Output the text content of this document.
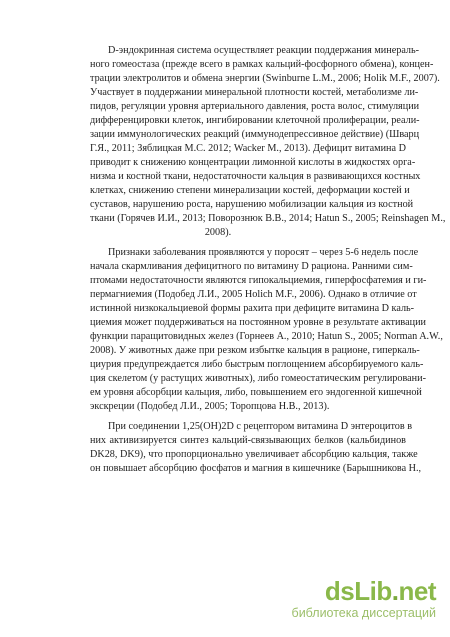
D-эндокринная система осуществляет реакции поддержания минераль-
ного гомеостаза (прежде всего в рамках кальций-фосфорного обмена), концен-
трации электролитов и обмена энергии (Swinburne L.M., 2006; Holik M.F., 2007).
Участвует в поддержании минеральной плотности костей, метаболизме ли-
пидов, регуляции уровня артериального давления, роста волос, стимуляции
дифференцировки клеток, ингибировании клеточной пролиферации, реали-
зации иммунологических реакций (иммунодепрессивное действие) (Шварц
Г.Я., 2011; Зяблицкая М.С. 2012; Wacker M., 2013). Дефицит витамина D
приводит к снижению концентрации лимонной кислоты в жидкостях орга-
низма и костной ткани, недостаточности кальция в развивающихся костных
клетках, снижению степени минерализации костей, деформации костей и
суставов, нарушению роста, нарушению мобилизации кальция из костной
ткани (Горячев И.И., 2013; Поворознюк В.В., 2014; Hatun S., 2005; Reinshagen M.,
2008).
Признаки заболевания проявляются у поросят – через 5-6 недель после
начала скармливания дефицитного по витамину D рациона. Ранними сим-
птомами недостаточности являются гипокальциемия, гиперфосфатемия и ги-
пермагниемия (Подобед Л.И., 2005 Holich M.F., 2006). Однако в отличие от
истинной низкокальциевой формы рахита при дефиците витамина D каль-
циемия может поддерживаться на постоянном уровне в результате активации
функции паращитовидных желез (Горнеев А., 2010; Hatun S., 2005; Norman A.W.,
2008). У животных даже при резком избытке кальция в рационе, гиперкаль-
циурия предупреждается либо быстрым поглощением абсорбируемого каль-
ция скелетом (у растущих животных), либо гомеостатическим регулировани-
ем уровня абсорбции кальция, либо, повышением его эндогенной кишечной
экскреции (Подобед Л.И., 2005; Торопцова Н.В., 2013).
При соединении 1,25(OH)2D с рецептором витамина D энтероцитов в
них активизируется синтез кальций-связывающих белков (кальбидинов
DK28, DK9), что пропорционально увеличивает абсорбцию кальция, также
он повышает абсорбцию фосфатов и магния в кишечнике (Барышникова Н.,
dsLib.net
библиотека диссертаций
